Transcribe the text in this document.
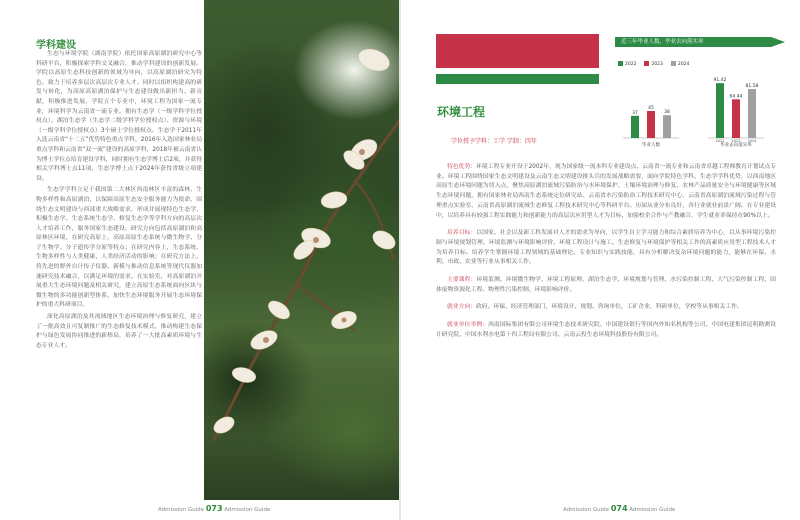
学科建设

生态与环境学院（湖南学院）依托国家高原湖泊研究中心等科研平台，积极探索学科交叉融合，推动学科建设的创新发展。学院以高原生态科技创新的领域为导向，以高原湖泊研究为特色，致力于培养多层次高层次专业人才。同时以组织构建高的研发与转化，为高原高原湖泊保护与生态建设做出新担当、新贡献，积极推进发展。学院五个专业中，环境工程为国家一流专业，环境科学为云南省一流专业。拥有生态学（一级学科学位授权点）、湖泊生态学（生态学二级学科学位授权点）、资源与环境（一级学科学位授权点）3个硕士学位授权点。生态学于2011年入选云南省“十二五”优势特色重点学科，2016年入选国家林业局重点学科和云南省“双一流”建设的高原学科，2018年被云南省认为博士学位点培育建设学科，同时拥有生态学博士后2项，并获得相关学科博士点11项，生态学博士点于2024年获得省级立项建设。

生态学学科立足于我国第二大林区西南林区丰富的森林、生物多样性和高原湖泊，以保障高原生态安全服务能力为使命，围绕生态文明建设与西部重大战略需求，形成并展现特色生态学，积极生态学、生态系统生态学、修复生态学等学科方向的高层次人才培养工作，服务国家生态建设。研究方向包括高原湖泊和高原林区环境、在研究高原上，高原高原生态系统与微生物学、分子生物学、分子遗传学分原等特点；在研究内容上，生态系统、生物多样性与人类健康，人类经济活动的影响；在研究方法上，将先进的野外自计传子仪器、新模与推动信息系统等现代仪器加速研究技术融合，以满足环境的需求。在实验室，对高原湖泊开展重大生态环境问题及相关研究，建立高原生态系统面向区块与微生物的多功能创新型体系，加快生态环境服务开展生态环境保护的重大科研项目。

深化高原湖泊及其流域地区生态环境治理与修复研究，建立了一批高效且可复制推广的生态修复技术模式，推动构建生态保护与绿色发展协同推进的新格局，培养了一大批高素质环境与生态专业人才。

Admission Guide 073 Admission Guide
环境工程
学位授予学科：工学 学制：四年
近三年毕业人数、毕业去向落实率
2022	2023	2024
37
45
38
毕业人数
91.42
64.44
81.58
毕业去向落实率
2022 2023 2024

特色优势：环境工程专业开设于2002年，现为国家级一流本科专业建设点、云南省一流专业和云南省卓越工程师教育计划试点专业。环境工程围绕国家生态文明建设及云南生态文明建设排头兵的发展战略需要，面向学院特色学科、生态学学科优势，以西南地区高原生态环境问题为切入点，聚焦高原湖泊流域污染防治与水环境保护、土壤环境治理与修复、农林产品质量安全与环境健康等区域生态环境问题，拥有国家林业局西南生态系统定位研究站、云南省水污染防治工程技术研究中心、云南省高原湖泊流域污染过程与管理重点实验室、云南省高原湖泊流域生态修复工程技术研究中心等科研平台。历届从业分布良好，各行业就业前景广阔。在专业建设中，以培养具有较强工程实践能力和创新能力的高层次应用型人才为目标，加强校企合作与产教融合，学生就业率保持在90%以上。

培养目标：以国家、社会以及新工科发展对人才的需求为导向，以学生自主学习能力和综合素质培养为中心，以从事环境污染控制与环境规划管理、环境监测与环境影响评价、环境工程设计与施工、生态修复与环境保护等相关工作的高素质应用型工程技术人才为培养目标。培养学生掌握环境工程领域的基础理论、专业知识与实践技能，具有分析解决复杂环境问题的能力，能够在环保、水利、市政、农业等行业从事相关工作。

主要课程：环境监测、环境微生物学、环境工程原理、湖泊生态学、环境规划与管理、水污染控制工程、大气污染控制工程、固体废物资源化工程、物理性污染控制、环境影响评价。

就业方向：政府、环保、经济管理部门，环境设计、规划、咨询单位，工矿企业，科研单位，学校等从事相关工作。

就业单位举例：西南国际集团有限公司环境生态技术研究院、中国建设银行等国内外知名机构等公司、中国电建集团昆明勘测设计研究院、中国水利水电第十四工程局有限公司、云南云投生态环境科技股份有限公司。

Admission Guide 074 Admission Guide
